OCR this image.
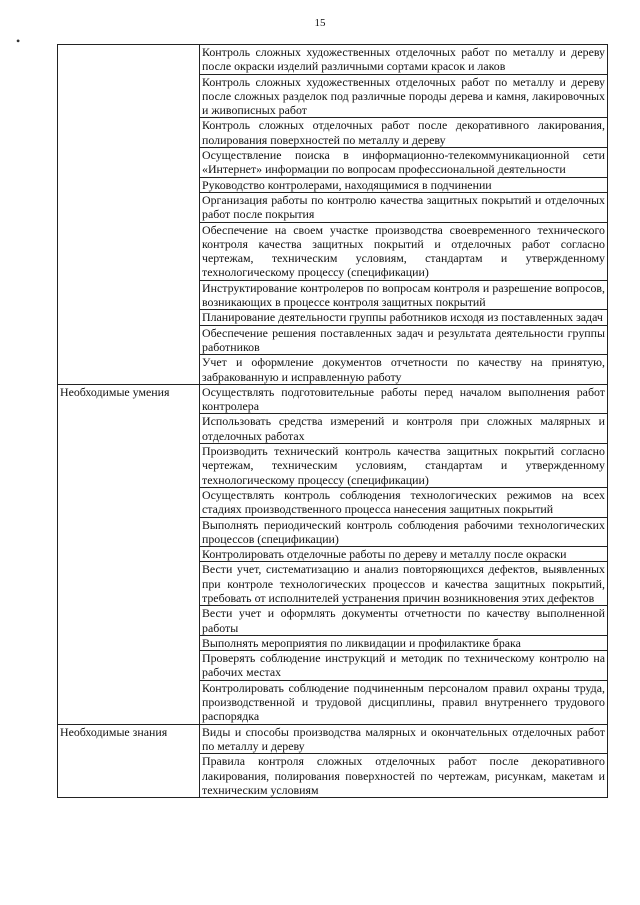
15
•
	Контроль сложных художественных отделочных работ по металлу и дереву после окраски изделий различными сортами красок и лаков
	Контроль сложных художественных отделочных работ по металлу и дереву после сложных разделок под различные породы дерева и камня, лакировочных и живописных работ
	Контроль сложных отделочных работ после декоративного лакирования, полирования поверхностей по металлу и дереву
	Осуществление поиска в информационно-телекоммуникационной сети «Интернет» информации по вопросам профессиональной деятельности
	Руководство контролерами, находящимися в подчинении
	Организация работы по контролю качества защитных покрытий и отделочных работ после покрытия
	Обеспечение на своем участке производства своевременного технического контроля качества защитных покрытий и отделочных работ согласно чертежам, техническим условиям, стандартам и утвержденному технологическому процессу (спецификации)
	Инструктирование контролеров по вопросам контроля и разрешение вопросов, возникающих в процессе контроля защитных покрытий
	Планирование деятельности группы работников исходя из поставленных задач
	Обеспечение решения поставленных задач и результата деятельности группы работников
	Учет и оформление документов отчетности по качеству на принятую, забракованную и исправленную работу
Необходимые умения	Осуществлять подготовительные работы перед началом выполнения работ контролера
	Использовать средства измерений и контроля при сложных малярных и отделочных работах
	Производить технический контроль качества защитных покрытий согласно чертежам, техническим условиям, стандартам и утвержденному технологическому процессу (спецификации)
	Осуществлять контроль соблюдения технологических режимов на всех стадиях производственного процесса нанесения защитных покрытий
	Выполнять периодический контроль соблюдения рабочими технологических процессов (спецификации)
	Контролировать отделочные работы по дереву и металлу после окраски
	Вести учет, систематизацию и анализ повторяющихся дефектов, выявленных при контроле технологических процессов и качества защитных покрытий, требовать от исполнителей устранения причин возникновения этих дефектов
	Вести учет и оформлять документы отчетности по качеству выполненной работы
	Выполнять мероприятия по ликвидации и профилактике брака
	Проверять соблюдение инструкций и методик по техническому контролю на рабочих местах
	Контролировать соблюдение подчиненным персоналом правил охраны труда, производственной и трудовой дисциплины, правил внутреннего трудового распорядка
Необходимые знания	Виды и способы производства малярных и окончательных отделочных работ по металлу и дереву
	Правила контроля сложных отделочных работ после декоративного лакирования, полирования поверхностей по чертежам, рисункам, макетам и техническим условиям
